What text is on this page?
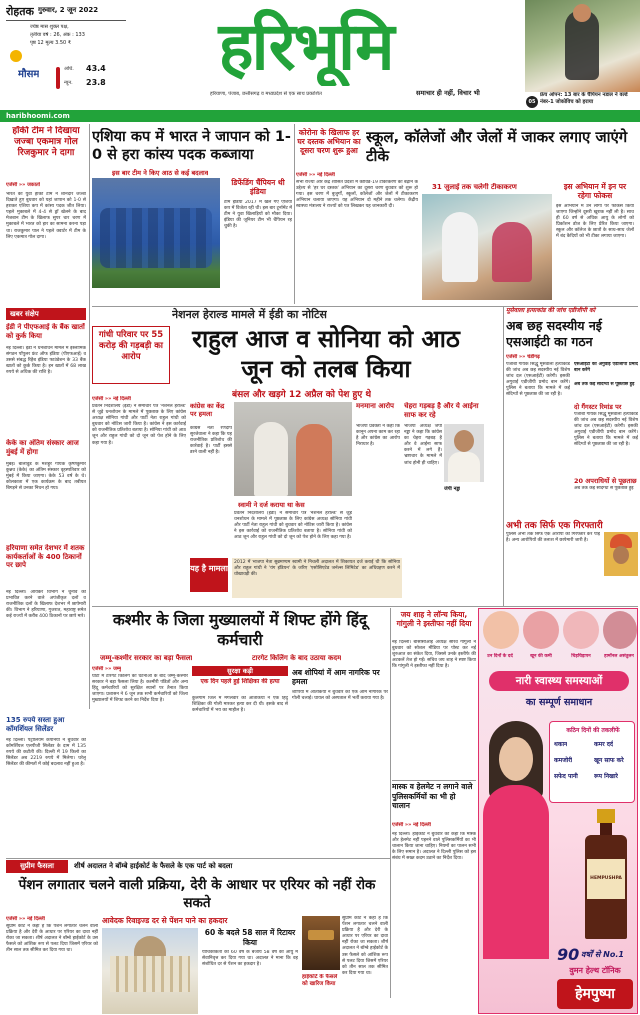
रोहतक गुरुवार, 2 जून 2022
ज्येष्ठ मास शुक्ल पक्ष,
तृतीया वर्ष : 26, अंक : 133
पृष्ठ 12 मूल्य 3.50 ₹
मौसम	अधि. 43.4
न्यून. 23.8	हरिभूमि
हरियाणा, पंजाब, छत्तीसगढ़ व मध्यप्रदेश से एक साथ प्रकाशित	समाचार ही नहीं, विचार भी	फ्रेंच ओपन: 13 बार के चैंपियन नडाल ने वर्ल्ड नंबर-1 जोकोविच को हराया
05
haribhoomi.com
हॉकी टीम ने दिखाया जज्बा एकमात्र गोल रिजकुमार ने दागा
एजेंसी »» जकार्ता
भारत की युवा हॉकी टीम ने शानदार जज्बा दिखाते हुए बुधवार को यहां जापान को 1-0 से हराकर एशिया कप में कांस्य पदक जीत लिया। पहले मुकाबले में 4-4 से ड्रॉ खेलने के बाद मेजबान टीम के खिलाफ सुपर चार चरण में मुकाबले में भारत को हार का सामना करना पड़ा था। राजकुमार पाल ने पहले क्वार्टर में टीम के लिए एकमात्र गोल दागा।
खबर संक्षेप
ईडी ने पीएफआई के बैंक खातों को कुर्क किया
नई दिल्ली। ईडी ने धनशोधन मामले में इस्लामिक संगठन पॉपुलर फ्रंट ऑफ इंडिया (पीएफआई) व उससे संबद्ध रिहैब इंडिया फाउंडेशन के 33 बैंक खातों को कुर्क किया है। इन खातों में 68 लाख रुपये से अधिक की राशि है।
केके का अंतिम संस्कार आज मुंबई में होगा
मुंबई। बॉलीवुड के मशहूर गायक कृष्णकुमार कुन्नथ (केके) का अंतिम संस्कार वृहस्पतिवार को मुंबई में किया जाएगा। केके 53 वर्ष के थे। कोलकाता में एक कार्यक्रम के बाद तबीयत बिगड़ने से उनका निधन हो गया।
हरियाणा समेत देशभर में शतक कार्यकर्ताओं के 400 ठिकानों पर छापे
नई दिल्ली। आयकर विभाग ने चुनाव को प्रभावित करने वाले अपंजीकृत दलों व राजनीतिक दलों के खिलाफ देशभर में छापेमारी की। विभाग ने हरियाणा, गुजरात, महाराष्ट्र समेत कई राज्यों में करीब 400 ठिकानों पर छापे मारे।
135 रुपये सस्ता हुआ कॉमर्शियल सिलेंडर
नई दिल्ली। पेट्रोलियम कंपनियों ने बुधवार को कॉमर्शियल एलपीजी सिलेंडर के दाम में 135 रुपये की कटौती की। दिल्ली में 19 किलो का सिलेंडर अब 2219 रुपये में मिलेगा। घरेलू सिलेंडर की कीमतों में कोई बदलाव नहीं हुआ है।
एशिया कप में भारत ने जापान को 1-0 से हरा कांस्य पदक कब्जाया
इस बार टीम ने किए आठ से कई बदलाव
डिफेंडिंग चैंपियन थी इंडिया
टीम इंडिया 2017 में खेले गए एशिया कप में विजेता रही थी। इस बार टूर्नामेंट में टीम ने युवा खिलाड़ियों को मौका दिया। इंडिया की जूनियर टीम भी चैंपियन रह चुकी है।
कोरोना के खिलाफ हर घर दस्तक अभियान का दूसरा चरण शुरू हुआ
स्कूल, कॉलेजों और जेलों में जाकर लगाए जाएंगे टीके
एजेंसी »» नई दिल्ली
सभी राज्यों और केंद्र शासित प्रदेशों में कोविड-19 टीकाकरण को बढ़ाने के उद्देश्य से 'हर घर दस्तक' अभियान का दूसरा चरण बुधवार को शुरू हो गया। इस चरण में बुजुर्गों, स्कूलों, कॉलेजों और जेलों में टीकाकरण अभियान चलाया जाएगा। यह अभियान दो महीने तक चलेगा। केंद्रीय स्वास्थ्य मंत्रालय ने राज्यों को पत्र लिखकर यह जानकारी दी।
31 जुलाई तक चलेगी टीकाकरण	इस अभियान में इन पर रहेगा फोकस
इस अभियान में उन लोगों पर फोकस किया जाएगा जिन्होंने दूसरी खुराक नहीं ली है। साथ ही 60 वर्ष से अधिक आयु के लोगों को प्रिकॉशन डोज के लिए प्रेरित किया जाएगा। स्कूल और कॉलेज के छात्रों के साथ-साथ जेलों में बंद कैदियों को भी टीका लगाया जाएगा।
नेशनल हेराल्ड मामले में ईडी का नोटिस
गांधी परिवार पर 55 करोड़ की गड़बड़ी का आरोप
राहुल आज व सोनिया को आठ जून को तलब किया
बंसल और खड़गे 12 अप्रैल को पेश हुए थे
एजेंसी »» नई दिल्ली
प्रवर्तन निदेशालय (ईडी) ने समाचार पत्र 'नेशनल हेराल्ड' से जुड़े धनशोधन के मामले में पूछताछ के लिए कांग्रेस अध्यक्ष सोनिया गांधी और पार्टी नेता राहुल गांधी को बुधवार को नोटिस जारी किया है। कांग्रेस ने इस कार्रवाई को राजनीतिक प्रतिशोध बताया है। सोनिया गांधी को आठ जून और राहुल गांधी को दो जून को पेश होने के लिए कहा गया है।
कांग्रेस का केंद्र पर हमला
कांग्रेस नेता रणदीप सुरजेवाला ने कहा कि यह राजनीतिक प्रतिशोध की कार्रवाई है। पार्टी इससे डरने वाली नहीं है।
स्वामी ने दर्ज कराया था केस
प्रवर्तन निदेशालय (ईडी) ने समाचार पत्र 'नेशनल हेराल्ड' से जुड़े धनशोधन के मामले में पूछताछ के लिए कांग्रेस अध्यक्ष सोनिया गांधी और पार्टी नेता राहुल गांधी को बुधवार को नोटिस जारी किया है। कांग्रेस ने इस कार्रवाई को राजनीतिक प्रतिशोध बताया है। सोनिया गांधी को आठ जून और राहुल गांधी को दो जून को पेश होने के लिए कहा गया है।
मनमाना आरोप
भाजपा प्रवक्ता ने कहा कि कानून अपना काम कर रहा है और कांग्रेस का आरोप निराधार है।
यह है मामला
2012 में भाजपा नेता सुब्रमण्यम स्वामी ने निचली अदालत में शिकायत दर्ज कराई थी कि सोनिया और राहुल गांधी ने 'यंग इंडियन' के जरिए 'एसोसिएटेड जर्नल्स लिमिटेड' का अधिग्रहण करने में धोखाधड़ी की।
चेहरा गड़बड़ है और ये आईना साफ कर रहे
भाजपा अध्यक्ष जेपी नड्डा ने कहा कि कांग्रेस का चेहरा गड़बड़ है और वे आईना साफ करने में लगे हैं। भ्रष्टाचार के मामले में जांच होनी ही चाहिए।
जेपी नड्डा
मूसेवाला हत्याकांड की जांच एडीजीपी को
अब छह सदस्यीय नई एसआईटी का गठन
एजेंसी »» चंडीगढ़
पंजाबी गायक सिद्धू मूसेवाला हत्याकांड की जांच अब छह सदस्यीय नई विशेष जांच दल (एसआईटी) करेगी। इसकी अगुवाई एडीजीपी प्रमोद बान करेंगे। पुलिस ने बताया कि मामले में कई संदिग्धों से पूछताछ की जा रही है।
एसआईटी की अगुवाई एडीजीपी प्रमोद बान करेंगे
अब तक कई संदिग्धों से पूछताछ हुई
दो गैंगस्टर रिमांड पर
पंजाबी गायक सिद्धू मूसेवाला हत्याकांड की जांच अब छह सदस्यीय नई विशेष जांच दल (एसआईटी) करेगी। इसकी अगुवाई एडीजीपी प्रमोद बान करेंगे। पुलिस ने बताया कि मामले में कई संदिग्धों से पूछताछ की जा रही है।
20 अपराधियों से पूछताछ
अब तक कई संदिग्धों से पूछताछ हुई
अभी तक सिर्फ एक गिरफ्तारी
पुलिस अभी तक सिर्फ एक आरोपी को गिरफ्तार कर पाई है। अन्य आरोपियों की तलाश में छापेमारी जारी है।
कश्मीर के जिला मुख्यालयों में शिफ्ट होंगे हिंदू कर्मचारी
जम्मू-कश्मीर सरकार का बड़ा फैसला	टारगेट किलिंग के बाद उठाया कदम
एजेंसी »» जम्मू
घाटी में टारगेट किलिंग की घटनाओं के बाद जम्मू-कश्मीर सरकार ने बड़ा फैसला लिया है। कश्मीरी पंडितों और अन्य हिंदू कर्मचारियों को सुरक्षित स्थानों पर तैनात किया जाएगा। प्रशासन ने 6 जून तक सभी कर्मचारियों को जिला मुख्यालयों में शिफ्ट करने का निर्देश दिया है।
सुरक्षा कड़ी
एक दिन पहले हुई शिक्षिका की हत्या
कुलगाम जिले में मंगलवार को आतंकियों ने एक हिंदू शिक्षिका की गोली मारकर हत्या कर दी थी। इसके बाद से कर्मचारियों में भय का माहौल है।
अब शोपियां में आम नागरिक पर हमला
शोपियां में आतंकियों ने बुधवार को एक आम नागरिक पर गोली चलाई। घायल को अस्पताल में भर्ती कराया गया है।
जय शाह ने लॉन्च किया, गांगुली ने इस्तीफा नहीं दिया
नई दिल्ली। बीसीसीआई अध्यक्ष सौरव गांगुली ने बुधवार को सोशल मीडिया पर पोस्ट कर नई शुरुआत का संकेत दिया, जिससे उनके इस्तीफे की अटकलें तेज हो गईं। सचिव जय शाह ने स्पष्ट किया कि गांगुली ने इस्तीफा नहीं दिया है।
उन दिनों के दर्द	खून की कमी	चिड़चिड़ापन	हार्मोनल असंतुलन
नारी स्वास्थ्य समस्याओं
का सम्पूर्ण समाधान
कठिन दिनों की तकलीफें
थकान	कमर दर्द
कमजोरी	खून साफ करे
सफेद पानी	रूप निखारे
HEMPUSHPA
90 वर्षों से No.1
वुमन हेल्थ टॉनिक
हेमपुष्पा
मास्क व हेलमेट न लगाने वाले पुलिसकर्मियों का भी हो चालान
एजेंसी »» नई दिल्ली
नई दिल्ली। हाईकोर्ट ने बुधवार को कहा कि मास्क और हेलमेट नहीं पहनने वाले पुलिसकर्मियों का भी चालान किया जाना चाहिए। नियमों का पालन सभी के लिए समान है। अदालत ने दिल्ली पुलिस को इस संबंध में सख्त कदम उठाने का निर्देश दिया।
सुप्रीम फैसला	शीर्ष अदालत ने बॉम्बे हाईकोर्ट के फैसले के एक पार्ट को बदला
पेंशन लगातार चलने वाली प्रक्रिया, देरी के आधार पर एरियर को नहीं रोक सकते
एजेंसी »» नई दिल्ली
सुप्रीम कोर्ट ने कहा है कि पेंशन लगातार चलने वाली प्रक्रिया है और देरी के आधार पर एरियर का दावा नहीं रोका जा सकता। शीर्ष अदालत ने बॉम्बे हाईकोर्ट के उस फैसले को आंशिक रूप से पलट दिया जिसमें एरियर को तीन साल तक सीमित कर दिया गया था।
आवेदक रिवाइज्ड दर से पेंशन पाने का हकदार
60 के बदले 58 साल में रिटायर किया
याचिकाकर्ता को 60 वर्ष के बजाय 58 वर्ष की आयु में सेवानिवृत्त कर दिया गया था। अदालत ने माना कि वह संशोधित दर से पेंशन का हकदार है।
हाईकोर्ट के फैसले को खारिज किया
सुप्रीम कोर्ट ने कहा है कि पेंशन लगातार चलने वाली प्रक्रिया है और देरी के आधार पर एरियर का दावा नहीं रोका जा सकता। शीर्ष अदालत ने बॉम्बे हाईकोर्ट के उस फैसले को आंशिक रूप से पलट दिया जिसमें एरियर को तीन साल तक सीमित कर दिया गया था।
